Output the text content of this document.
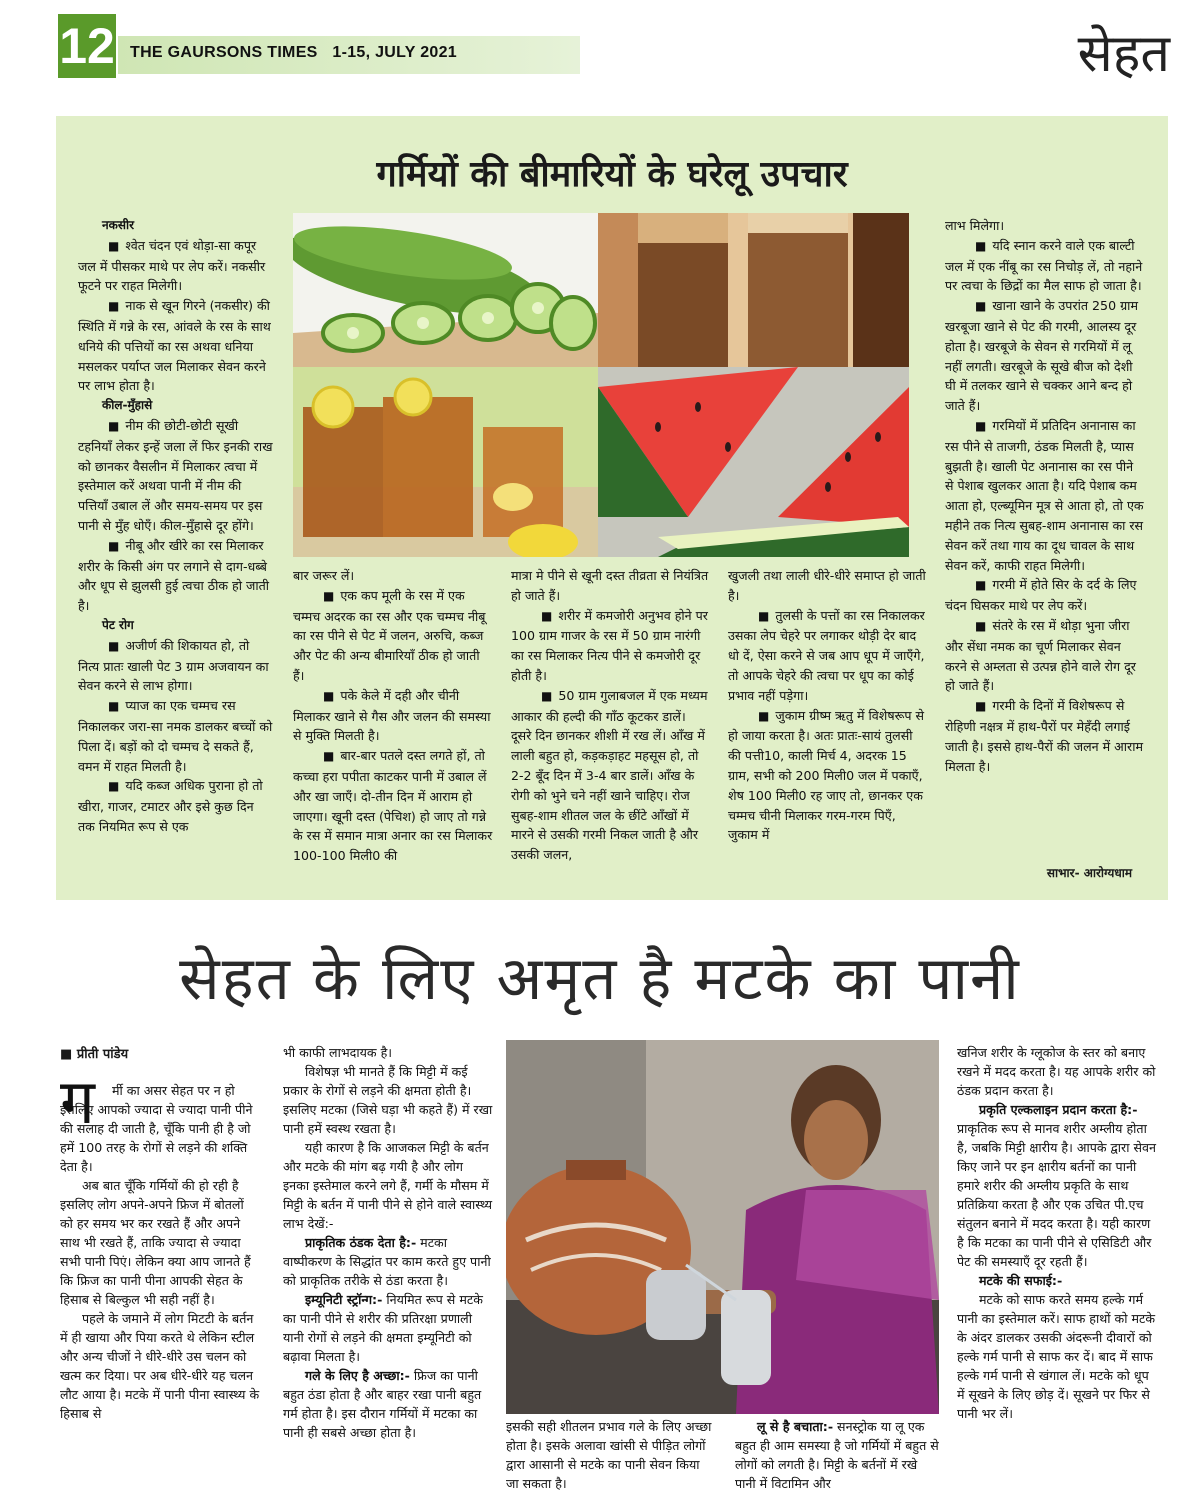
12 THE GAURSONS TIMES 1-15, JULY 2021	सेहत
गर्मियों की बीमारियों के घरेलू उपचार

नकसीर

■ श्वेत चंदन एवं थोड़ा-सा कपूर जल में पीसकर माथे पर लेप करें। नकसीर फूटने पर राहत मिलेगी।

■ नाक से खून गिरने (नकसीर) की स्थिति में गन्ने के रस, आंवले के रस के साथ धनिये की पत्तियों का रस अथवा धनिया मसलकर पर्याप्त जल मिलाकर सेवन करने पर लाभ होता है।

कील-मुँहासे

■ नीम की छोटी-छोटी सूखी टहनियाँ लेकर इन्हें जला लें फिर इनकी राख को छानकर वैसलीन में मिलाकर त्वचा में इस्तेमाल करें अथवा पानी में नीम की पत्तियाँ उबाल लें और समय-समय पर इस पानी से मुँह धोएँ। कील-मुँहासे दूर होंगे।

■ नीबू और खीरे का रस मिलाकर शरीर के किसी अंग पर लगाने से दाग-धब्बे और धूप से झुलसी हुई त्वचा ठीक हो जाती है।

पेट रोग

■ अजीर्ण की शिकायत हो, तो नित्य प्रातः खाली पेट 3 ग्राम अजवायन का सेवन करने से लाभ होगा।

■ प्याज का एक चम्मच रस निकालकर जरा-सा नमक डालकर बच्चों को पिला दें। बड़ों को दो चम्मच दे सकते हैं, वमन में राहत मिलती है।

■ यदि कब्ज अधिक पुराना हो तो खीरा, गाजर, टमाटर और इसे कुछ दिन तक नियमित रूप से एक

बार जरूर लें।

■ एक कप मूली के रस में एक चम्मच अदरक का रस और एक चम्मच नीबू का रस पीने से पेट में जलन, अरुचि, कब्ज और पेट की अन्य बीमारियाँ ठीक हो जाती हैं।

■ पके केले में दही और चीनी मिलाकर खाने से गैस और जलन की समस्या से मुक्ति मिलती है।

■ बार-बार पतले दस्त लगते हों, तो कच्चा हरा पपीता काटकर पानी में उबाल लें और खा जाएँ। दो-तीन दिन में आराम हो जाएगा। खूनी दस्त (पेचिश) हो जाए तो गन्ने के रस में समान मात्रा अनार का रस मिलाकर 100-100 मिली0 की

मात्रा मे पीने से खूनी दस्त तीव्रता से नियंत्रित हो जाते हैं।

■ शरीर में कमजोरी अनुभव होने पर 100 ग्राम गाजर के रस में 50 ग्राम नारंगी का रस मिलाकर नित्य पीने से कमजोरी दूर होती है।

■ 50 ग्राम गुलाबजल में एक मध्यम आकार की हल्दी की गाँठ कूटकर डालें। दूसरे दिन छानकर शीशी में रख लें। आँख में लाली बहुत हो, कड़कड़ाहट महसूस हो, तो 2-2 बूँद दिन में 3-4 बार डालें। आँख के रोगी को भुने चने नहीं खाने चाहिए। रोज सुबह-शाम शीतल जल के छींटे आँखों में मारने से उसकी गरमी निकल जाती है और उसकी जलन,

खुजली तथा लाली धीरे-धीरे समाप्त हो जाती है।

■ तुलसी के पत्तों का रस निकालकर उसका लेप चेहरे पर लगाकर थोड़ी देर बाद धो दें, ऐसा करने से जब आप धूप में जाएँगे, तो आपके चेहरे की त्वचा पर धूप का कोई प्रभाव नहीं पड़ेगा।

■ जुकाम ग्रीष्म ऋतु में विशेषरूप से हो जाया करता है। अतः प्रातः-सायं तुलसी की पत्ती10, काली मिर्च 4, अदरक 15 ग्राम, सभी को 200 मिली0 जल में पकाएँ, शेष 100 मिली0 रह जाए तो, छानकर एक चम्मच चीनी मिलाकर गरम-गरम पिएँ, जुकाम में

लाभ मिलेगा।

■ यदि स्नान करने वाले एक बाल्टी जल में एक नींबू का रस निचोड़ लें, तो नहाने पर त्वचा के छिद्रों का मैल साफ हो जाता है।

■ खाना खाने के उपरांत 250 ग्राम खरबूजा खाने से पेट की गरमी, आलस्य दूर होता है। खरबूजे के सेवन से गरमियों में लू नहीं लगती। खरबूजे के सूखे बीज को देशी घी में तलकर खाने से चक्कर आने बन्द हो जाते हैं।

■ गरमियों में प्रतिदिन अनानास का रस पीने से ताजगी, ठंडक मिलती है, प्यास बुझती है। खाली पेट अनानास का रस पीने से पेशाब खुलकर आता है। यदि पेशाब कम आता हो, एल्ब्यूमिन मूत्र से आता हो, तो एक महीने तक नित्य सुबह-शाम अनानास का रस सेवन करें तथा गाय का दूध चावल के साथ सेवन करें, काफी राहत मिलेगी।

■ गरमी में होते सिर के दर्द के लिए चंदन घिसकर माथे पर लेप करें।

■ संतरे के रस में थोड़ा भुना जीरा और सेंधा नमक का चूर्ण मिलाकर सेवन करने से अम्लता से उत्पन्न होने वाले रोग दूर हो जाते हैं।

■ गरमी के दिनों में विशेषरूप से रोहिणी नक्षत्र में हाथ-पैरों पर मेहँदी लगाई जाती है। इससे हाथ-पैरों की जलन में आराम मिलता है।

साभार- आरोग्यधाम
सेहत के लिए अमृत है मटके का पानी
■ प्रीती पांडेय
ग	र्मी का असर सेहत पर न हो इसलिए आपको ज्यादा से ज्यादा पानी पीने की सलाह दी जाती है, चूँकि पानी ही है जो हमें 100 तरह के रोगों से लड़ने की शक्ति देता है।

अब बात चूँकि गर्मियों की हो रही है इसलिए लोग अपने-अपने फ्रिज में बोतलों को हर समय भर कर रखते हैं और अपने साथ भी रखते हैं, ताकि ज्यादा से ज्यादा सभी पानी पिएं। लेकिन क्या आप जानते हैं कि फ्रिज का पानी पीना आपकी सेहत के हिसाब से बिल्कुल भी सही नहीं है।

पहले के जमाने में लोग मिटटी के बर्तन में ही खाया और पिया करते थे लेकिन स्टील और अन्य चीजों ने धीरे-धीरे उस चलन को खत्म कर दिया। पर अब धीरे-धीरे यह चलन लौट आया है। मटके में पानी पीना स्वास्थ्य के हिसाब से

भी काफी लाभदायक है।

विशेषज्ञ भी मानते हैं कि मिट्टी में कई प्रकार के रोगों से लड़ने की क्षमता होती है। इसलिए मटका (जिसे घड़ा भी कहते हैं) में रखा पानी हमें स्वस्थ रखता है।

यही कारण है कि आजकल मिट्टी के बर्तन और मटके की मांग बढ़ गयी है और लोग इनका इस्तेमाल करने लगे हैं, गर्मी के मौसम में मिट्टी के बर्तन में पानी पीने से होने वाले स्वास्थ्य लाभ देखें:-

प्राकृतिक ठंडक देता है:- मटका वाष्पीकरण के सिद्धांत पर काम करते हुए पानी को प्राकृतिक तरीके से ठंडा करता है।

इम्यूनिटी स्ट्रॉन्ग:- नियमित रूप से मटके का पानी पीने से शरीर की प्रतिरक्षा प्रणाली यानी रोगों से लड़ने की क्षमता इम्यूनिटी को बढ़ावा मिलता है।

गले के लिए है अच्छा:- फ्रिज का पानी बहुत ठंडा होता है और बाहर रखा पानी बहुत गर्म होता है। इस दौरान गर्मियों में मटका का पानी ही सबसे अच्छा होता है।	इसकी सही शीतलन प्रभाव गले के लिए अच्छा होता है। इसके अलावा खांसी से पीड़ित लोगों द्वारा आसानी से मटके का पानी सेवन किया जा सकता है।

लू से है बचाता:- सनस्ट्रोक या लू एक बहुत ही आम समस्या है जो गर्मियों में बहुत से लोगों को लगती है। मिट्टी के बर्तनों में रखे पानी में विटामिन और

खनिज शरीर के ग्लूकोज के स्तर को बनाए रखने में मदद करता है। यह आपके शरीर को ठंडक प्रदान करता है।

प्रकृति एल्कलाइन प्रदान करता है:- प्राकृतिक रूप से मानव शरीर अम्लीय होता है, जबकि मिट्टी क्षारीय है। आपके द्वारा सेवन किए जाने पर इन क्षारीय बर्तनों का पानी हमारे शरीर की अम्लीय प्रकृति के साथ प्रतिक्रिया करता है और एक उचित पी.एच संतुलन बनाने में मदद करता है। यही कारण है कि मटका का पानी पीने से एसिडिटी और पेट की समस्याएँ दूर रहती हैं।

मटके की सफाई:-

मटके को साफ करते समय हल्के गर्म पानी का इस्तेमाल करें। साफ हाथों को मटके के अंदर डालकर उसकी अंदरूनी दीवारों को हल्के गर्म पानी से साफ कर दें। बाद में साफ हल्के गर्म पानी से खंगाल लें। मटके को धूप में सूखने के लिए छोड़ दें। सूखने पर फिर से पानी भर लें।
